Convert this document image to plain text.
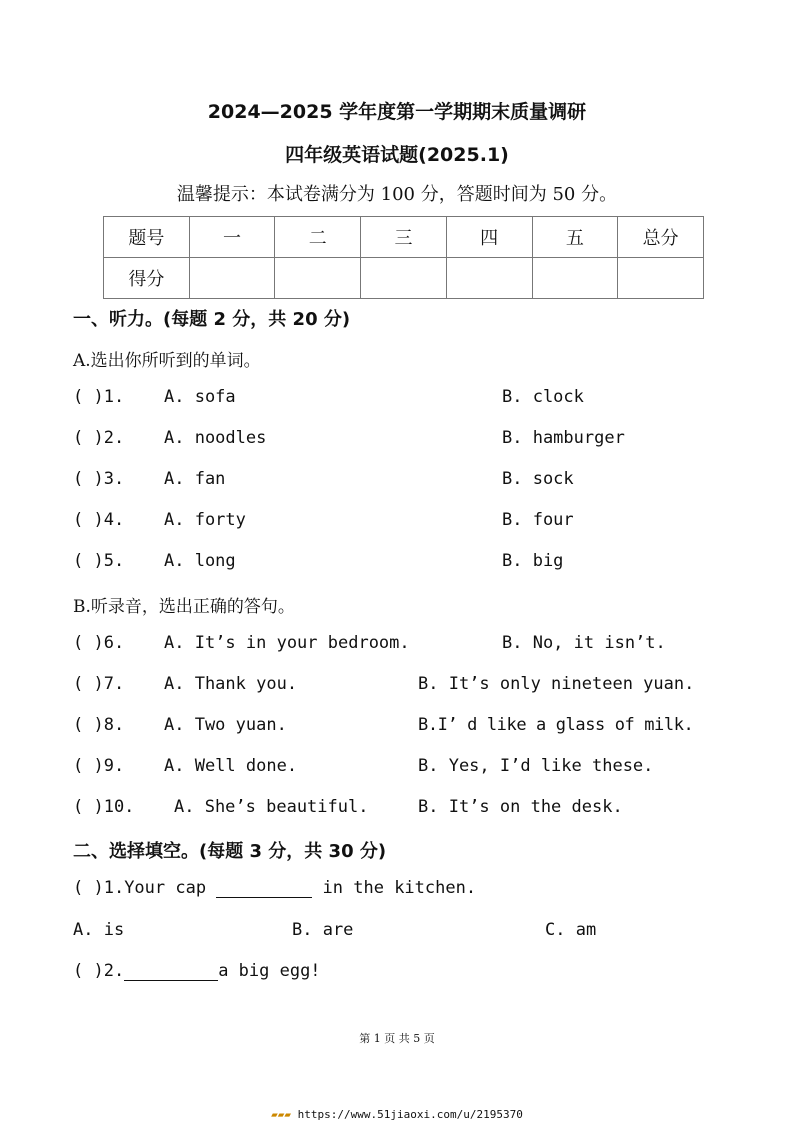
2024—2025 学年度第一学期期末质量调研
四年级英语试题(2025.1)
温馨提示：本试卷满分为 100 分，答题时间为 50 分。
题号	一	二	三	四	五	总分
得分						
一、听力。(每题 2 分，共 20 分)
A.选出你所听到的单词。
( )1. A. sofa	B. clock
( )2. A. noodles	B. hamburger
( )3. A. fan	B. sock
( )4. A. forty	B. four
( )5. A. long	B. big
B.听录音，选出正确的答句。
( )6. A. It’s in your bedroom.	B. No, it isn’t.
( )7. A. Thank you.	B. It’s only nineteen yuan.
( )8. A. Two yuan.	B.I’ d like a glass of milk.
( )9. A. Well done.	B. Yes, I’d like these.
( )10. A. She’s beautiful.	B. It’s on the desk.
二、选择填空。(每题 3 分，共 30 分)
( )1.Your cap	in the kitchen.
A. is	B. are	C. am
( )2.	a big egg!
第 1 页 共 5 页
▰▰▰ https://www.51jiaoxi.com/u/2195370
